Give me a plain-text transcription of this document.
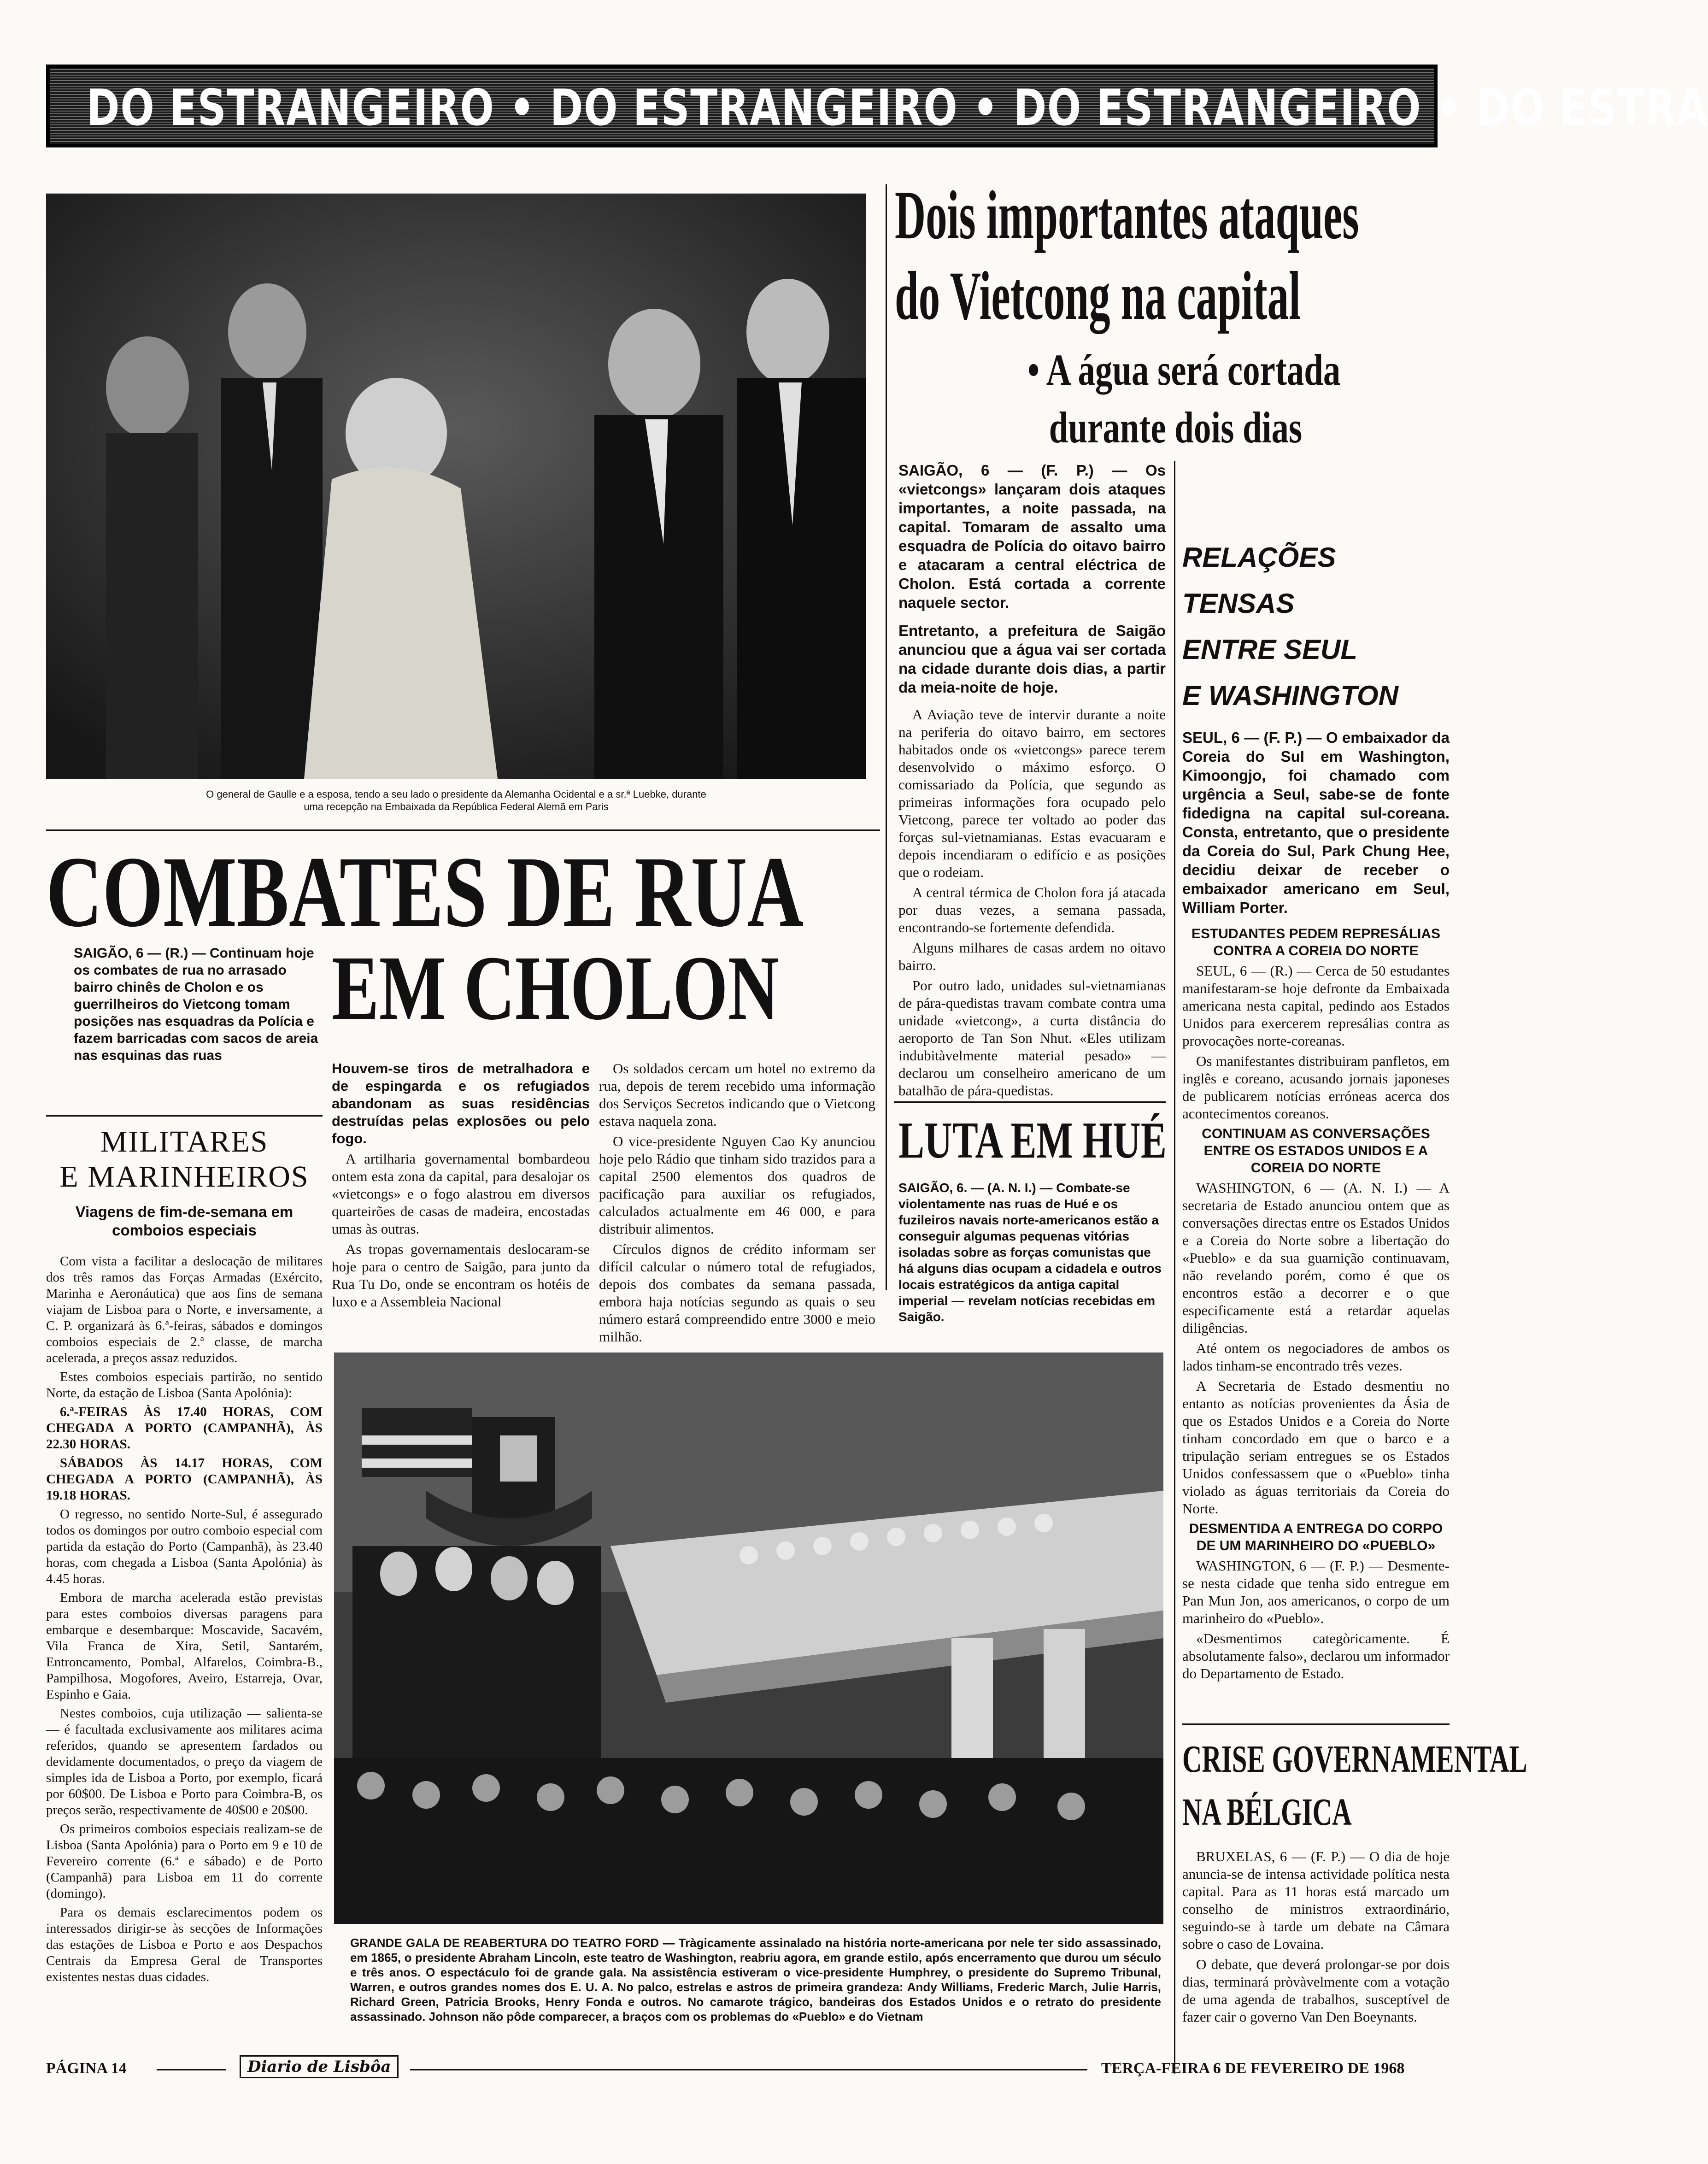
DO ESTRANGEIRO • DO ESTRANGEIRO • DO ESTRANGEIRO • DO ESTRA
O general de Gaulle e a esposa, tendo a seu lado o presidente da Alemanha Ocidental e a sr.ª Luebke, durante
uma recepção na Embaixada da República Federal Alemã em Paris
Dois importantes ataques
do Vietcong na capital
• A água será cortada
durante dois dias
SAIGÃO, 6 — (F. P.) — Os «vietcongs» lançaram dois ataques importantes, a noite passada, na capital. Tomaram de assalto uma esquadra de Polícia do oitavo bairro e atacaram a central eléctrica de Cholon. Está cortada a corrente naquele sector.
Entretanto, a prefeitura de Saigão anunciou que a água vai ser cortada na cidade durante dois dias, a partir da meia-noite de hoje.

A Aviação teve de intervir durante a noite na periferia do oitavo bairro, em sectores habitados onde os «vietcongs» parece terem desenvolvido o máximo esforço. O comissariado da Polícia, que segundo as primeiras informações fora ocupado pelo Vietcong, parece ter voltado ao poder das forças sul-vietnamianas. Estas evacuaram e depois incendiaram o edifício e as posições que o rodeiam.

A central térmica de Cholon fora já atacada por duas vezes, a semana passada, encontrando-se fortemente defendida.

Alguns milhares de casas ardem no oitavo bairro.

Por outro lado, unidades sul-vietnamianas de pára-quedistas travam combate contra uma unidade «vietcong», a curta distância do aeroporto de Tan Son Nhut. «Eles utilizam indubitàvelmente material pesado» — declarou um conselheiro americano de um batalhão de pára-quedistas.

RELAÇÕES TENSAS
ENTRE SEUL
E WASHINGTON
SEUL, 6 — (F. P.) — O embaixador da Coreia do Sul em Washington, Kimoongjo, foi chamado com urgência a Seul, sabe-se de fonte fidedigna na capital sul-coreana. Consta, entretanto, que o presidente da Coreia do Sul, Park Chung Hee, decidiu deixar de receber o embaixador americano em Seul, William Porter.
ESTUDANTES PEDEM REPRESÁLIAS CONTRA A COREIA DO NORTE

SEUL, 6 — (R.) — Cerca de 50 estudantes manifestaram-se hoje defronte da Embaixada americana nesta capital, pedindo aos Estados Unidos para exercerem represálias contra as provocações norte-coreanas.

Os manifestantes distribuiram panfletos, em inglês e coreano, acusando jornais japoneses de publicarem notícias erróneas acerca dos acontecimentos coreanos.

CONTINUAM AS CONVERSAÇÕES ENTRE OS ESTADOS UNIDOS E A COREIA DO NORTE

WASHINGTON, 6 — (A. N. I.) — A secretaria de Estado anunciou ontem que as conversações directas entre os Estados Unidos e a Coreia do Norte sobre a libertação do «Pueblo» e da sua guarnição continuavam, não revelando porém, como é que os encontros estão a decorrer e o que especificamente está a retardar aquelas diligências.

Até ontem os negociadores de ambos os lados tinham-se encontrado três vezes.

A Secretaria de Estado desmentiu no entanto as notícias provenientes da Ásia de que os Estados Unidos e a Coreia do Norte tinham concordado em que o barco e a tripulação seriam entregues se os Estados Unidos confessassem que o «Pueblo» tinha violado as águas territoriais da Coreia do Norte.

DESMENTIDA A ENTREGA DO CORPO DE UM MARINHEIRO DO «PUEBLO»

WASHINGTON, 6 — (F. P.) — Desmente-se nesta cidade que tenha sido entregue em Pan Mun Jon, aos americanos, o corpo de um marinheiro do «Pueblo».

«Desmentimos categòricamente. É absolutamente falso», declarou um informador do Departamento de Estado.

CRISE GOVERNAMENTAL
NA BÉLGICA

BRUXELAS, 6 — (F. P.) — O dia de hoje anuncia-se de intensa actividade política nesta capital. Para as 11 horas está marcado um conselho de ministros extraordinário, seguindo-se à tarde um debate na Câmara sobre o caso de Lovaina.

O debate, que deverá prolongar-se por dois dias, terminará pròvàvelmente com a votação de uma agenda de trabalhos, susceptível de fazer cair o governo Van Den Boeynants.

COMBATES DE RUA
EM CHOLON
SAIGÃO, 6 — (R.) — Continuam hoje os combates de rua no arrasado bairro chinês de Cholon e os guerrilheiros do Vietcong tomam posições nas esquadras da Polícia e fazem barricadas com sacos de areia nas esquinas das ruas
Houvem-se tiros de metralhadora e de espingarda e os refugiados abandonam as suas residências destruídas pelas explosões ou pelo fogo.

A artilharia governamental bombardeou ontem esta zona da capital, para desalojar os «vietcongs» e o fogo alastrou em diversos quarteirões de casas de madeira, encostadas umas às outras.

As tropas governamentais deslocaram-se hoje para o centro de Saigão, para junto da Rua Tu Do, onde se encontram os hotéis de luxo e a Assembleia Nacional

Os soldados cercam um hotel no extremo da rua, depois de terem recebido uma informação dos Serviços Secretos indicando que o Vietcong estava naquela zona.

O vice-presidente Nguyen Cao Ky anunciou hoje pelo Rádio que tinham sido trazidos para a capital 2500 elementos dos quadros de pacificação para auxiliar os refugiados, calculados actualmente em 46 000, e para distribuir alimentos.

Círculos dignos de crédito informam ser difícil calcular o número total de refugiados, depois dos combates da semana passada, embora haja notícias segundo as quais o seu número estará compreendido entre 3000 e meio milhão.

LUTA EM HUÉ
SAIGÃO, 6. — (A. N. I.) — Combate-se violentamente nas ruas de Hué e os fuzileiros navais norte-americanos estão a conseguir algumas pequenas vitórias isoladas sobre as forças comunistas que há alguns dias ocupam a cidadela e outros locais estratégicos da antiga capital imperial — revelam notícias recebidas em Saigão.
MILITARES
E MARINHEIROS
Viagens de fim-de-semana em comboios especiais

Com vista a facilitar a deslocação de militares dos três ramos das Forças Armadas (Exército, Marinha e Aeronáutica) que aos fins de semana viajam de Lisboa para o Norte, e inversamente, a C. P. organizará às 6.ª-feiras, sábados e domingos comboios especiais de 2.ª classe, de marcha acelerada, a preços assaz reduzidos.

Estes comboios especiais partirão, no sentido Norte, da estação de Lisboa (Santa Apolónia):

6.ª-FEIRAS ÀS 17.40 HORAS, COM CHEGADA A PORTO (CAMPANHÃ), ÀS 22.30 HORAS.

SÁBADOS ÀS 14.17 HORAS, COM CHEGADA A PORTO (CAMPANHÃ), ÀS 19.18 HORAS.

O regresso, no sentido Norte-Sul, é assegurado todos os domingos por outro comboio especial com partida da estação do Porto (Campanhã), às 23.40 horas, com chegada a Lisboa (Santa Apolónia) às 4.45 horas.

Embora de marcha acelerada estão previstas para estes comboios diversas paragens para embarque e desembarque: Moscavide, Sacavém, Vila Franca de Xira, Setil, Santarém, Entroncamento, Pombal, Alfarelos, Coimbra-B., Pampilhosa, Mogofores, Aveiro, Estarreja, Ovar, Espinho e Gaia.

Nestes comboios, cuja utilização — salienta-se — é facultada exclusivamente aos militares acima referidos, quando se apresentem fardados ou devidamente documentados, o preço da viagem de simples ida de Lisboa a Porto, por exemplo, ficará por 60$00. De Lisboa e Porto para Coimbra-B, os preços serão, respectivamente de 40$00 e 20$00.

Os primeiros comboios especiais realizam-se de Lisboa (Santa Apolónia) para o Porto em 9 e 10 de Fevereiro corrente (6.ª e sábado) e de Porto (Campanhã) para Lisboa em 11 do corrente (domingo).

Para os demais esclarecimentos podem os interessados dirigir-se às secções de Informações das estações de Lisboa e Porto e aos Despachos Centrais da Empresa Geral de Transportes existentes nestas duas cidades.

GRANDE GALA DE REABERTURA DO TEATRO FORD — Tràgicamente assinalado na história norte-americana por nele ter sido assassinado, em 1865, o presidente Abraham Lincoln, este teatro de Washington, reabriu agora, em grande estilo, após encerramento que durou um século e três anos. O espectáculo foi de grande gala. Na assistência estiveram o vice-presidente Humphrey, o presidente do Supremo Tribunal, Warren, e outros grandes nomes dos E. U. A. No palco, estrelas e astros de primeira grandeza: Andy Williams, Frederic March, Julie Harris, Richard Green, Patricia Brooks, Henry Fonda e outros. No camarote trágico, bandeiras dos Estados Unidos e o retrato do presidente assassinado. Johnson não pôde comparecer, a braços com os problemas do «Pueblo» e do Vietnam
PÁGINA 14	Diario de Lisbôa	TERÇA-FEIRA 6 DE FEVEREIRO DE 1968
